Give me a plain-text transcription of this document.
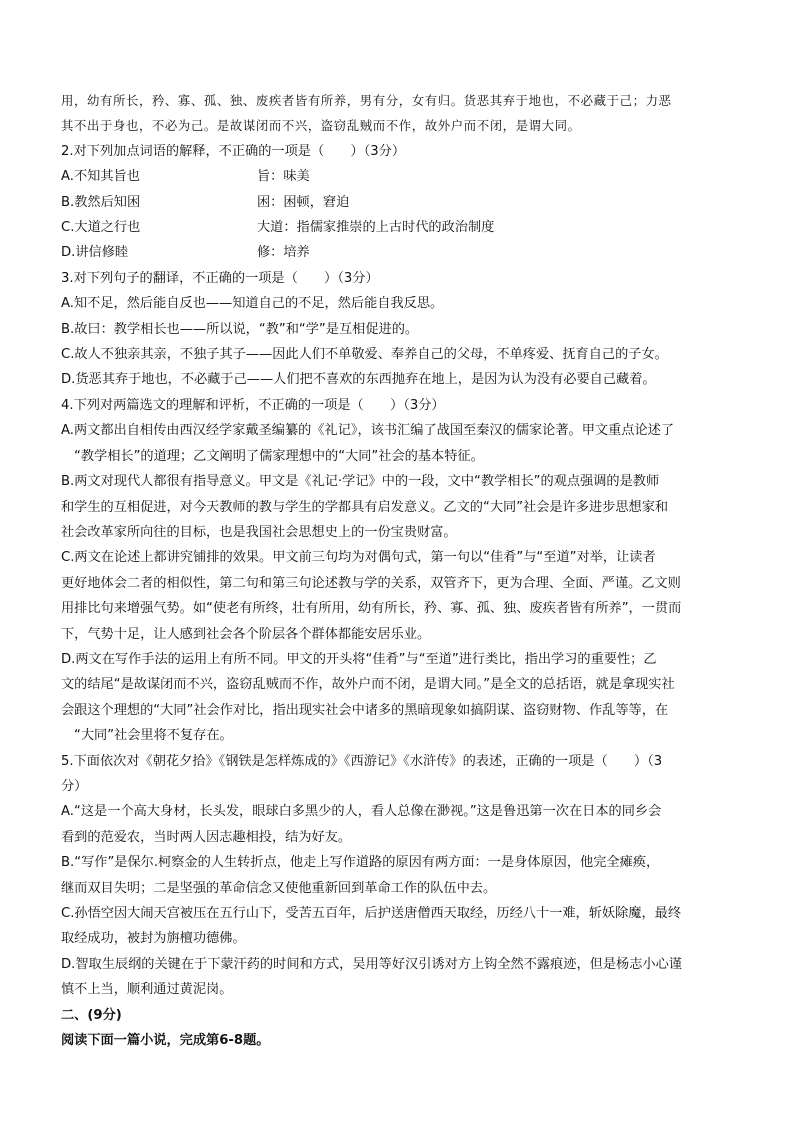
用，幼有所长，矜、寡、孤、独、废疾者皆有所养，男有分，女有归。货恶其弃于地也，不必藏于己；力恶
其不出于身也，不必为己。是故谋闭而不兴，盗窃乱贼而不作，故外户而不闭，是谓大同。
2.对下列加点词语的解释，不正确的一项是（　　）（3分）
A.不知其旨也	旨：味美
B.教然后知困	困：困顿，窘迫
C.大道之行也	大道：指儒家推崇的上古时代的政治制度
D.讲信修睦	修：培养
3.对下列句子的翻译，不正确的一项是（　　）（3分）
A.知不足，然后能自反也——知道自己的不足，然后能自我反思。
B.故曰：教学相长也——所以说，“教”和“学”是互相促进的。
C.故人不独亲其亲，不独子其子——因此人们不单敬爱、奉养自己的父母，不单疼爱、抚育自己的子女。
D.货恶其弃于地也，不必藏于己——人们把不喜欢的东西抛弃在地上，是因为认为没有必要自己藏着。
4.下列对两篇选文的理解和评析，不正确的一项是（　　）（3分）
A.两文都出自相传由西汉经学家戴圣编纂的《礼记》，该书汇编了战国至秦汉的儒家论著。甲文重点论述了
“教学相长”的道理；乙文阐明了儒家理想中的“大同”社会的基本特征。
B.两文对现代人都很有指导意义。甲文是《礼记·学记》中的一段，文中“教学相长”的观点强调的是教师
和学生的互相促进，对今天教师的教与学生的学都具有启发意义。乙文的“大同”社会是许多进步思想家和
社会改革家所向往的目标，也是我国社会思想史上的一份宝贵财富。
C.两文在论述上都讲究铺排的效果。甲文前三句均为对偶句式，第一句以“佳肴”与“至道”对举，让读者
更好地体会二者的相似性，第二句和第三句论述教与学的关系，双管齐下，更为合理、全面、严谨。乙文则
用排比句来增强气势。如“使老有所终，壮有所用，幼有所长，矜、寡、孤、独、废疾者皆有所养”，一贯而
下，气势十足，让人感到社会各个阶层各个群体都能安居乐业。
D.两文在写作手法的运用上有所不同。甲文的开头将“佳肴”与“至道”进行类比，指出学习的重要性；乙
文的结尾“是故谋闭而不兴，盗窃乱贼而不作，故外户而不闭，是谓大同。”是全文的总括语，就是拿现实社
会跟这个理想的“大同”社会作对比，指出现实社会中诸多的黑暗现象如搞阴谋、盗窃财物、作乱等等，在
“大同”社会里将不复存在。
5.下面依次对《朝花夕拾》《钢铁是怎样炼成的》《西游记》《水浒传》的表述，正确的一项是（　　）（3
分）
A.“这是一个高大身材，长头发，眼球白多黑少的人，看人总像在渺视。”这是鲁迅第一次在日本的同乡会
看到的范爱农，当时两人因志趣相投，结为好友。
B.“写作”是保尔.柯察金的人生转折点，他走上写作道路的原因有两方面：一是身体原因，他完全瘫痪，
继而双目失明；二是坚强的革命信念又使他重新回到革命工作的队伍中去。
C.孙悟空因大闹天宫被压在五行山下，受苦五百年，后护送唐僧西天取经，历经八十一难，斩妖除魔，最终
取经成功，被封为旃檀功德佛。
D.智取生辰纲的关键在于下蒙汗药的时间和方式，吴用等好汉引诱对方上钩全然不露痕迹，但是杨志小心谨
慎不上当，顺利通过黄泥岗。
二、(9分)
阅读下面一篇小说，完成第6-8题。
